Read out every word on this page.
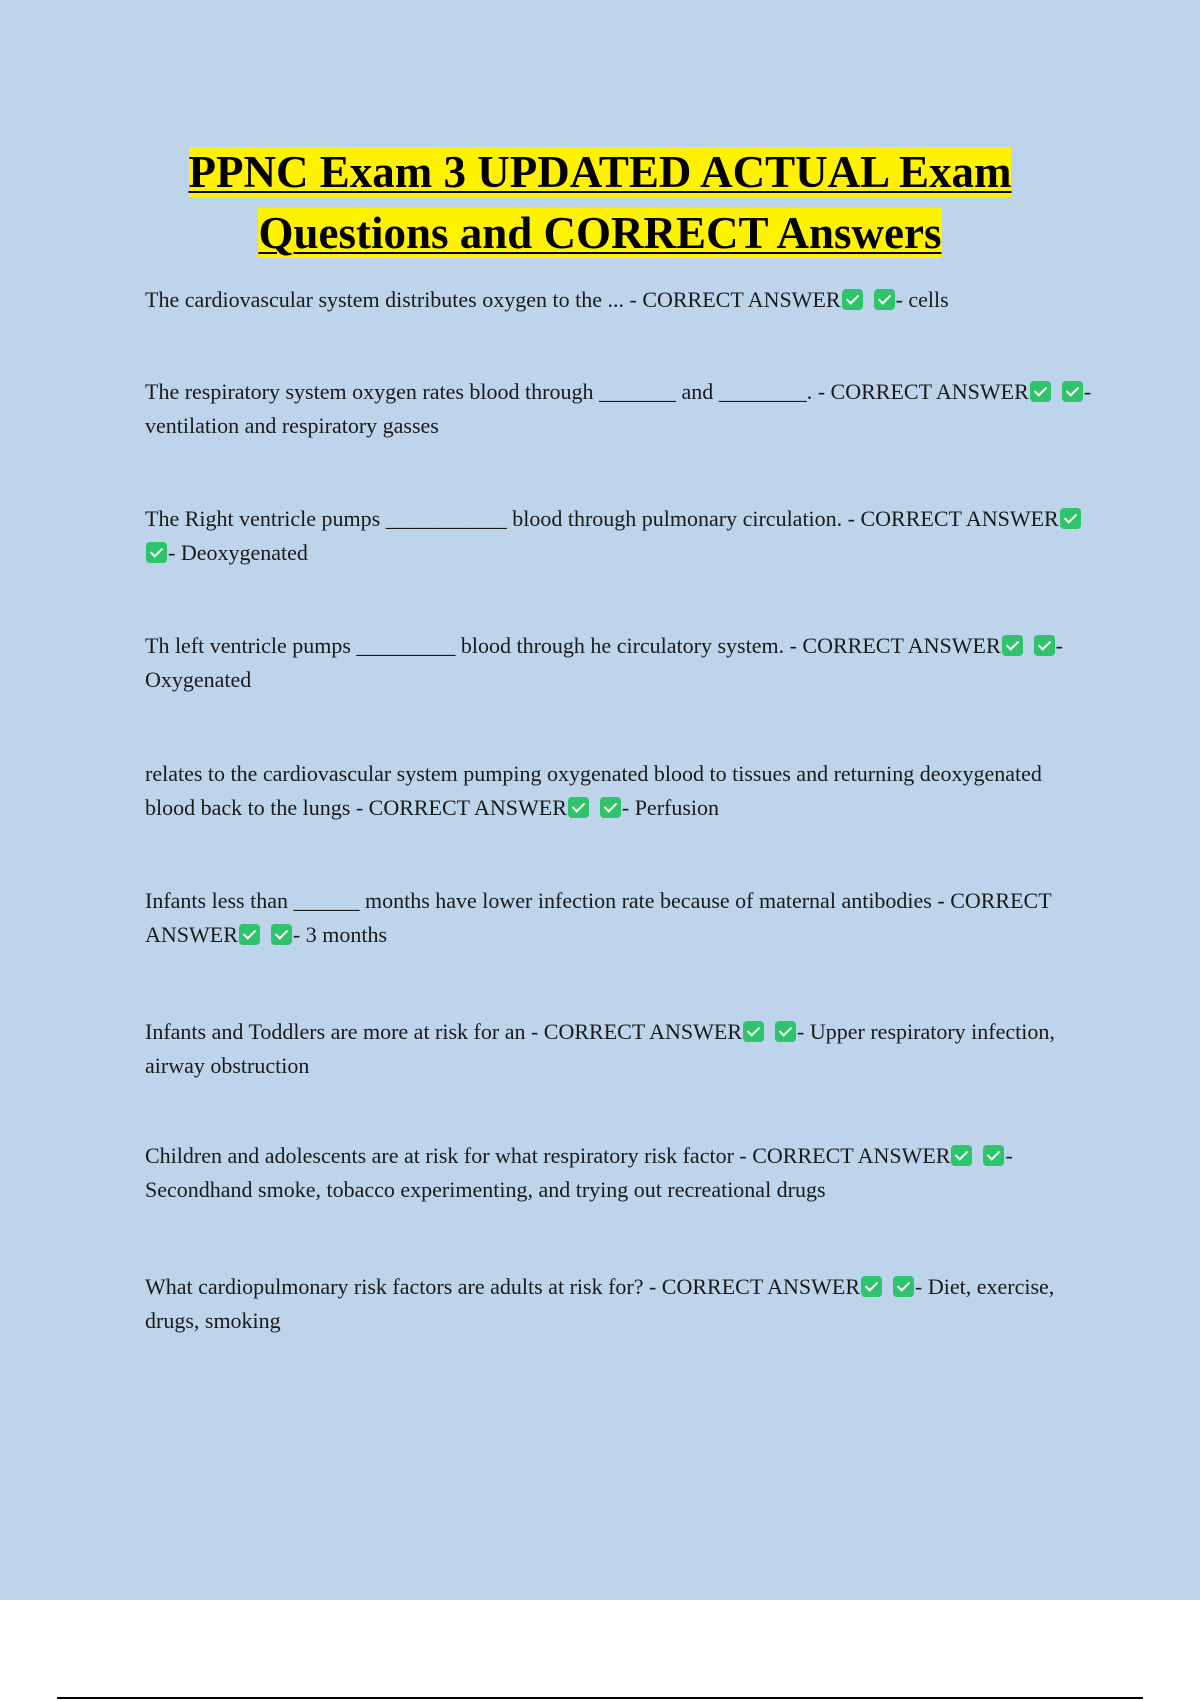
PPNC Exam 3 UPDATED ACTUAL Exam
Questions and CORRECT Answers
The cardiovascular system distributes oxygen to the ... - CORRECT ANSWER	- cells
The respiratory system oxygen rates blood through _______ and ________. - CORRECT ANSWER	- ventilation and respiratory gasses
The Right ventricle pumps ___________ blood through pulmonary circulation. - CORRECT ANSWER- Deoxygenated
Th left ventricle pumps _________ blood through he circulatory system. - CORRECT ANSWER	- Oxygenated
relates to the cardiovascular system pumping oxygenated blood to tissues and returning deoxygenated blood back to the lungs - CORRECT ANSWER	- Perfusion
Infants less than ______ months have lower infection rate because of maternal antibodies - CORRECT ANSWER	- 3 months
Infants and Toddlers are more at risk for an - CORRECT ANSWER	- Upper respiratory infection, airway obstruction
Children and adolescents are at risk for what respiratory risk factor - CORRECT ANSWER	- Secondhand smoke, tobacco experimenting, and trying out recreational drugs
What cardiopulmonary risk factors are adults at risk for? - CORRECT ANSWER	- Diet, exercise, drugs, smoking
